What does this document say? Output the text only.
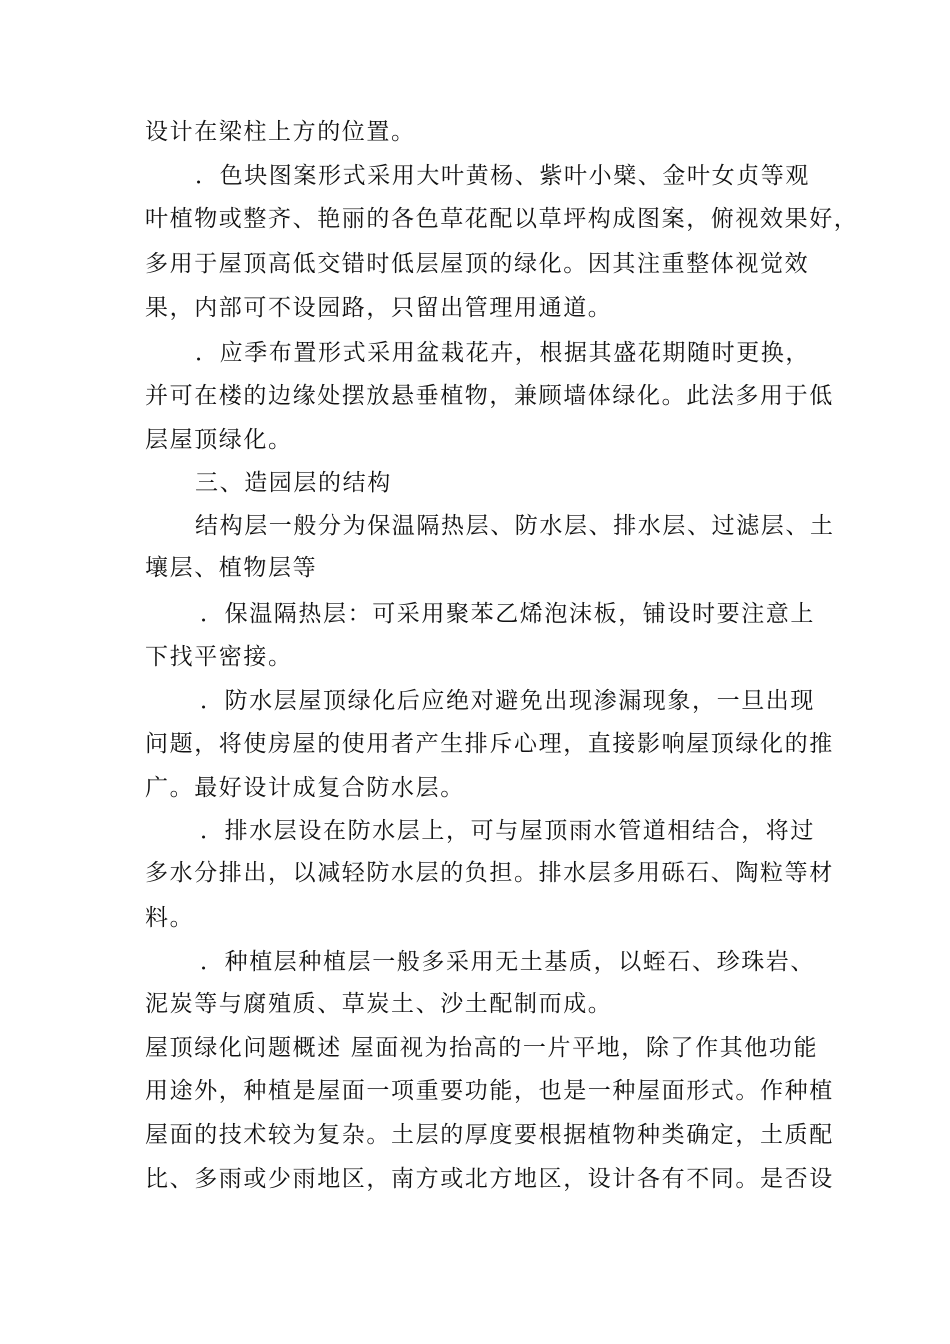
设计在梁柱上方的位置。
．色块图案形式采用大叶黄杨、紫叶小檗、金叶女贞等观
叶植物或整齐、艳丽的各色草花配以草坪构成图案，俯视效果好，
多用于屋顶高低交错时低层屋顶的绿化。因其注重整体视觉效
果，内部可不设园路，只留出管理用通道。
．应季布置形式采用盆栽花卉，根据其盛花期随时更换，
并可在楼的边缘处摆放悬垂植物，兼顾墙体绿化。此法多用于低
层屋顶绿化。
三、造园层的结构
结构层一般分为保温隔热层、防水层、排水层、过滤层、土
壤层、植物层等
．保温隔热层：可采用聚苯乙烯泡沫板，铺设时要注意上
下找平密接。
．防水层屋顶绿化后应绝对避免出现渗漏现象，一旦出现
问题，将使房屋的使用者产生排斥心理，直接影响屋顶绿化的推
广。最好设计成复合防水层。
．排水层设在防水层上，可与屋顶雨水管道相结合，将过
多水分排出，以减轻防水层的负担。排水层多用砾石、陶粒等材
料。
．种植层种植层一般多采用无土基质，以蛭石、珍珠岩、
泥炭等与腐殖质、草炭土、沙土配制而成。
屋顶绿化问题概述 屋面视为抬高的一片平地，除了作其他功能
用途外，种植是屋面一项重要功能，也是一种屋面形式。作种植
屋面的技术较为复杂。土层的厚度要根据植物种类确定，土质配
比、多雨或少雨地区，南方或北方地区，设计各有不同。是否设
